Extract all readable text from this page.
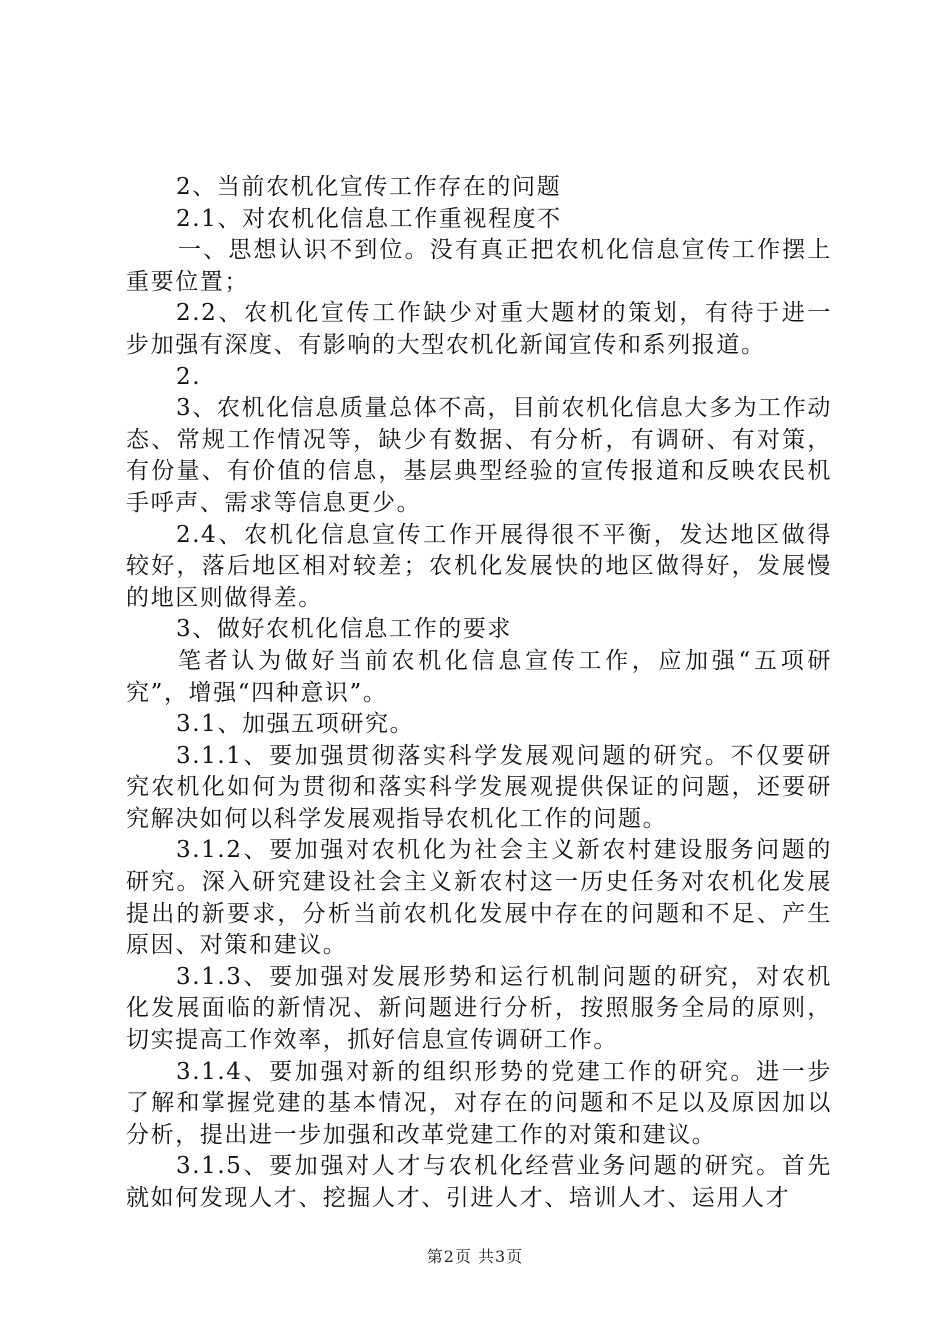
2、当前农机化宣传工作存在的问题

2.1、对农机化信息工作重视程度不

一、思想认识不到位。没有真正把农机化信息宣传工作摆上重要位置；

2.2、农机化宣传工作缺少对重大题材的策划，有待于进一步加强有深度、有影响的大型农机化新闻宣传和系列报道。

2.

3、农机化信息质量总体不高，目前农机化信息大多为工作动态、常规工作情况等，缺少有数据、有分析，有调研、有对策，有份量、有价值的信息，基层典型经验的宣传报道和反映农民机手呼声、需求等信息更少。

2.4、农机化信息宣传工作开展得很不平衡，发达地区做得较好，落后地区相对较差；农机化发展快的地区做得好，发展慢的地区则做得差。

3、做好农机化信息工作的要求

笔者认为做好当前农机化信息宣传工作，应加强“五项研究”，增强“四种意识”。

3.1、加强五项研究。

3.1.1、要加强贯彻落实科学发展观问题的研究。不仅要研究农机化如何为贯彻和落实科学发展观提供保证的问题，还要研究解决如何以科学发展观指导农机化工作的问题。

3.1.2、要加强对农机化为社会主义新农村建设服务问题的研究。深入研究建设社会主义新农村这一历史任务对农机化发展提出的新要求，分析当前农机化发展中存在的问题和不足、产生原因、对策和建议。

3.1.3、要加强对发展形势和运行机制问题的研究，对农机化发展面临的新情况、新问题进行分析，按照服务全局的原则，切实提高工作效率，抓好信息宣传调研工作。

3.1.4、要加强对新的组织形势的党建工作的研究。进一步了解和掌握党建的基本情况，对存在的问题和不足以及原因加以分析，提出进一步加强和改革党建工作的对策和建议。

3.1.5、要加强对人才与农机化经营业务问题的研究。首先就如何发现人才、挖掘人才、引进人才、培训人才、运用人才

第2页 共3页
